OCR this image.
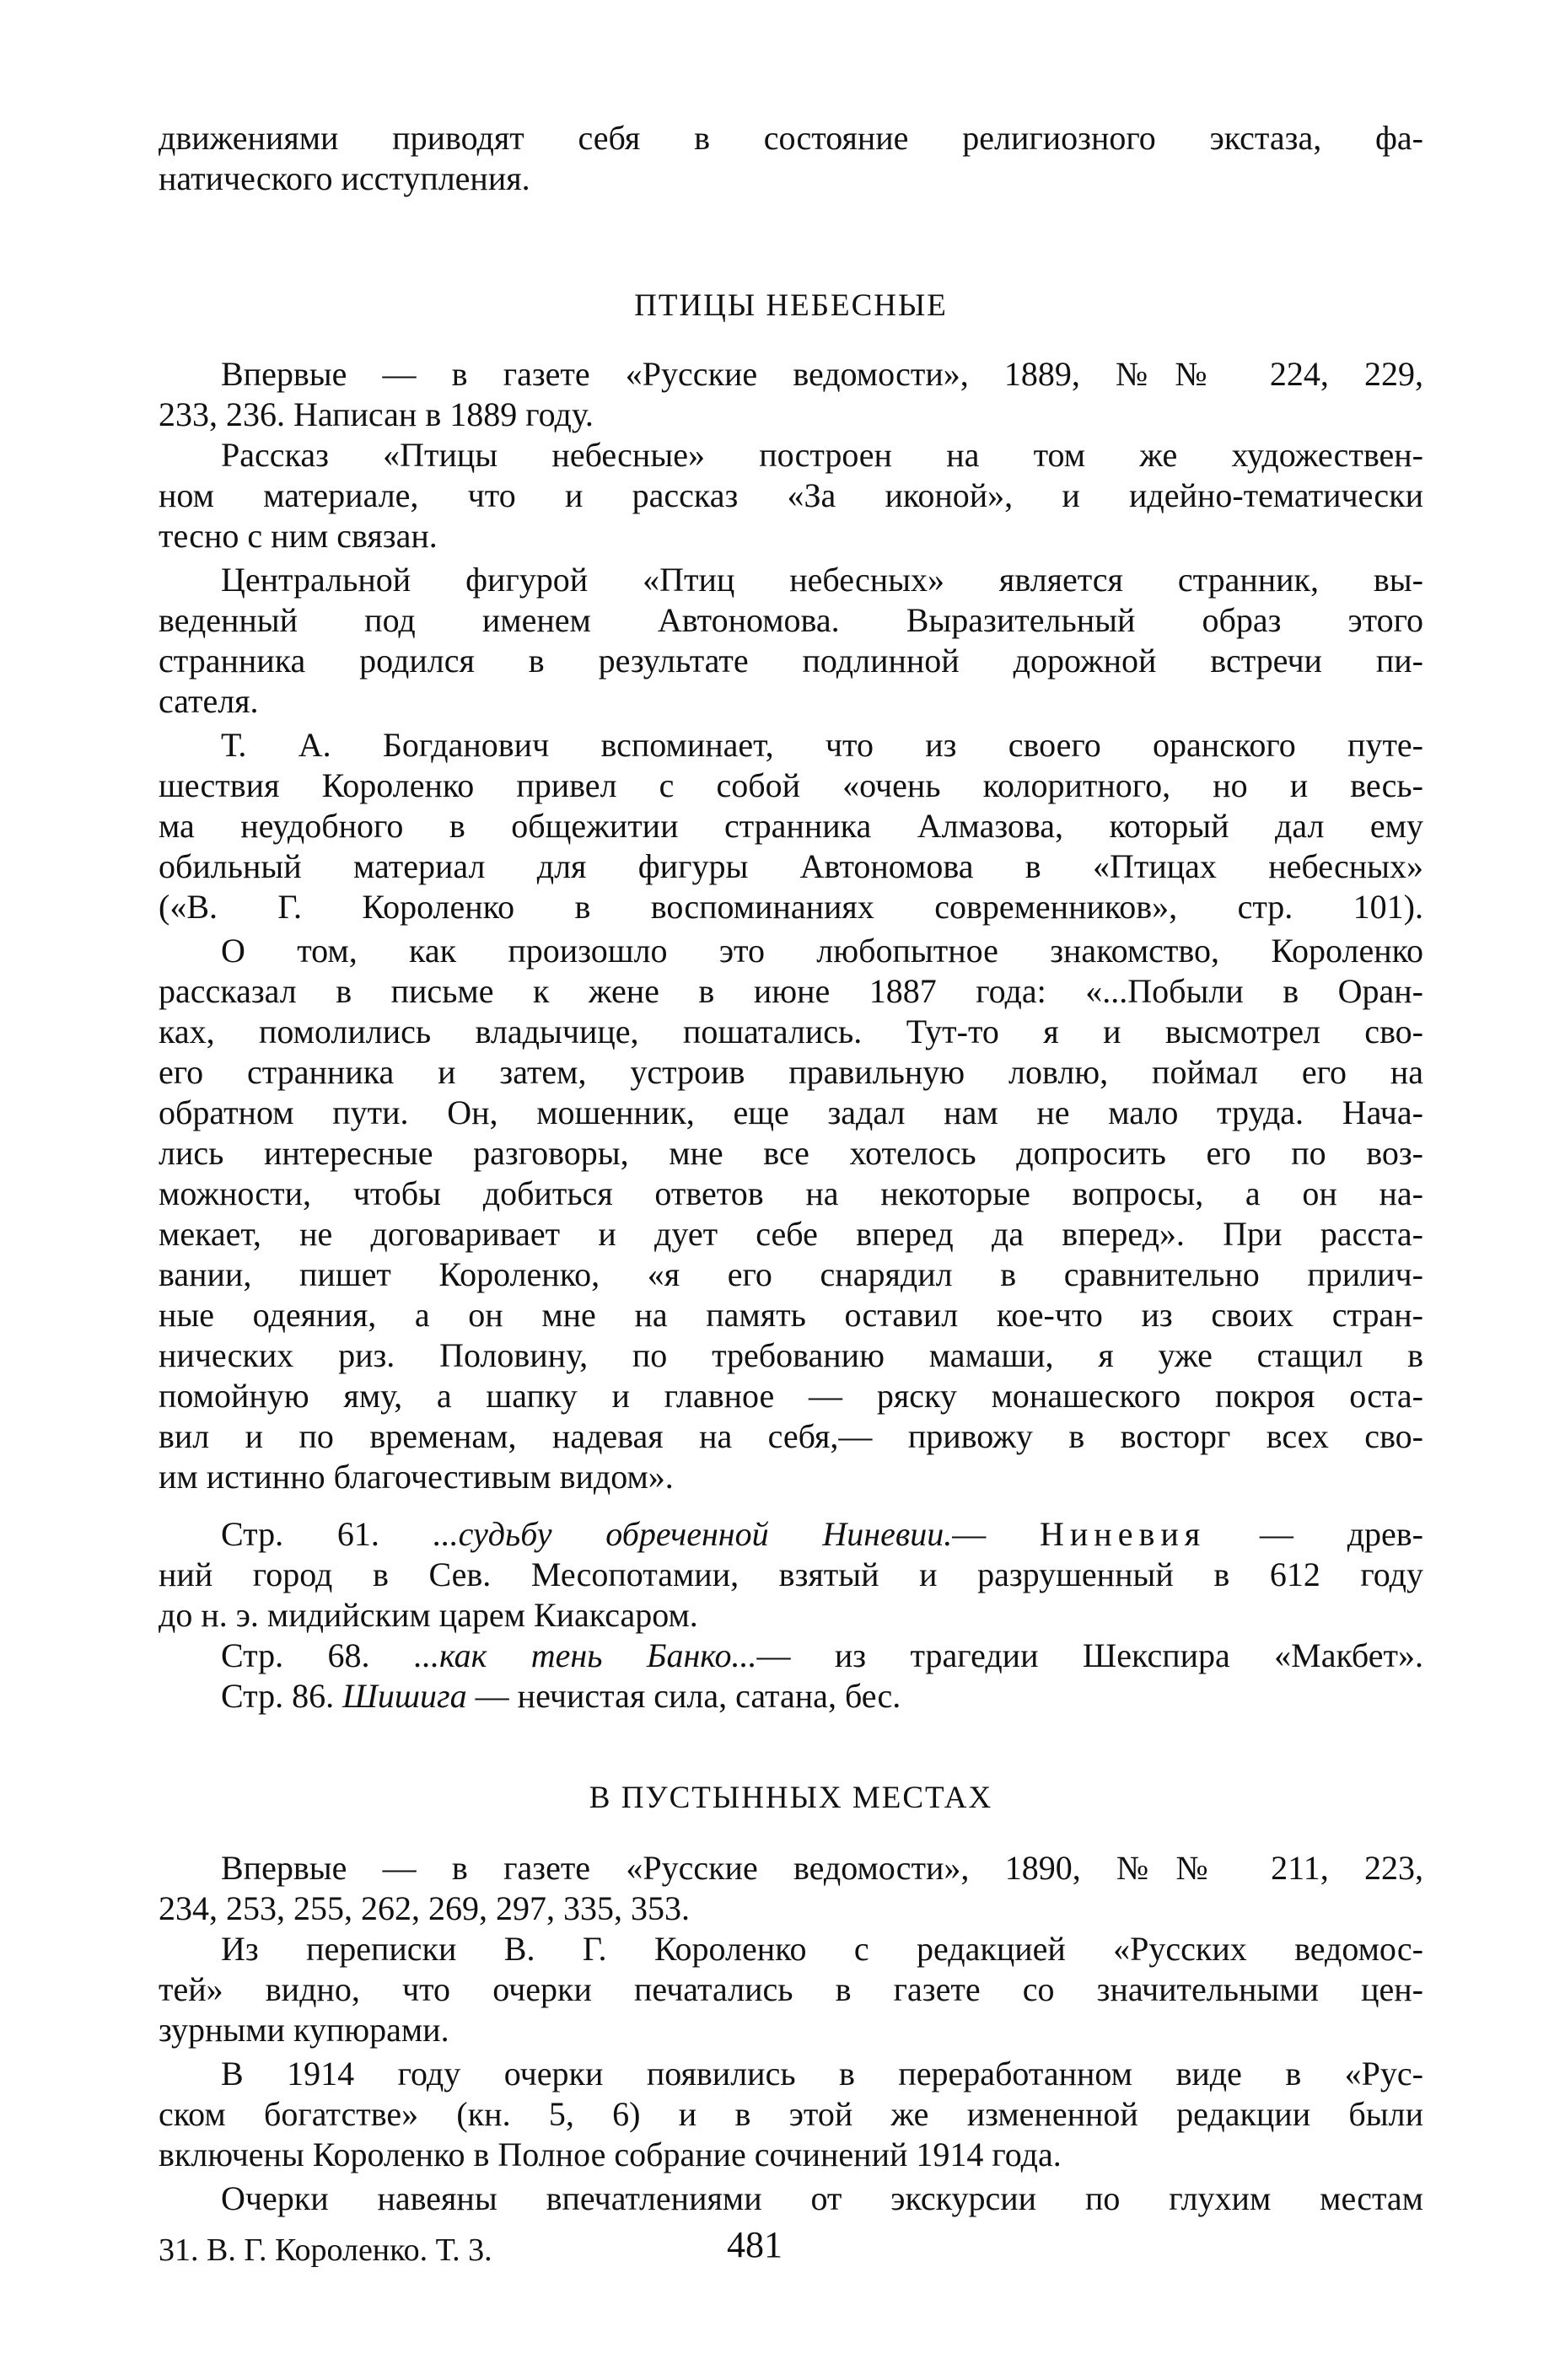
движениями приводят себя в состояние религиозного экстаза, фа-
натического исступления.
ПТИЦЫ НЕБЕСНЫЕ
Впервые — в газете «Русские ведомости», 1889, №№ 224, 229,
233, 236. Написан в 1889 году.
Рассказ «Птицы небесные» построен на том же художествен-
ном материале, что и рассказ «За иконой», и идейно-тематически
тесно с ним связан.
Центральной фигурой «Птиц небесных» является странник, вы-
веденный под именем Автономова. Выразительный образ этого
странника родился в результате подлинной дорожной встречи пи-
сателя.
Т. А. Богданович вспоминает, что из своего оранского путе-
шествия Короленко привел с собой «очень колоритного, но и весь-
ма неудобного в общежитии странника Алмазова, который дал ему
обильный материал для фигуры Автономова в «Птицах небесных»
(«В. Г. Короленко в воспоминаниях современников», стр. 101).
О том, как произошло это любопытное знакомство, Короленко
рассказал в письме к жене в июне 1887 года: «...Побыли в Оран-
ках, помолились владычице, пошатались. Тут-то я и высмотрел сво-
его странника и затем, устроив правильную ловлю, поймал его на
обратном пути. Он, мошенник, еще задал нам не мало труда. Нача-
лись интересные разговоры, мне все хотелось допросить его по воз-
можности, чтобы добиться ответов на некоторые вопросы, а он на-
мекает, не договаривает и дует себе вперед да вперед». При расста-
вании, пишет Короленко, «я его снарядил в сравнительно прилич-
ные одеяния, а он мне на память оставил кое-что из своих стран-
нических риз. Половину, по требованию мамаши, я уже стащил в
помойную яму, а шапку и главное — ряску монашеского покроя оста-
вил и по временам, надевая на себя,— привожу в восторг всех сво-
им истинно благочестивым видом».
Стр. 61. ...судьбу обреченной Ниневии.— Ниневия — древ-
ний город в Сев. Месопотамии, взятый и разрушенный в 612 году
до н. э. мидийским царем Киаксаром.
Стр. 68. ...как тень Банко...— из трагедии Шекспира «Макбет».
Стр. 86. Шишига — нечистая сила, сатана, бес.
В ПУСТЫННЫХ МЕСТАХ
Впервые — в газете «Русские ведомости», 1890, №№ 211, 223,
234, 253, 255, 262, 269, 297, 335, 353.
Из переписки В. Г. Короленко с редакцией «Русских ведомос-
тей» видно, что очерки печатались в газете со значительными цен-
зурными купюрами.
В 1914 году очерки появились в переработанном виде в «Рус-
ском богатстве» (кн. 5, 6) и в этой же измененной редакции были
включены Короленко в Полное собрание сочинений 1914 года.
Очерки навеяны впечатлениями от экскурсии по глухим местам
31. В. Г. Короленко. Т. 3.	481
